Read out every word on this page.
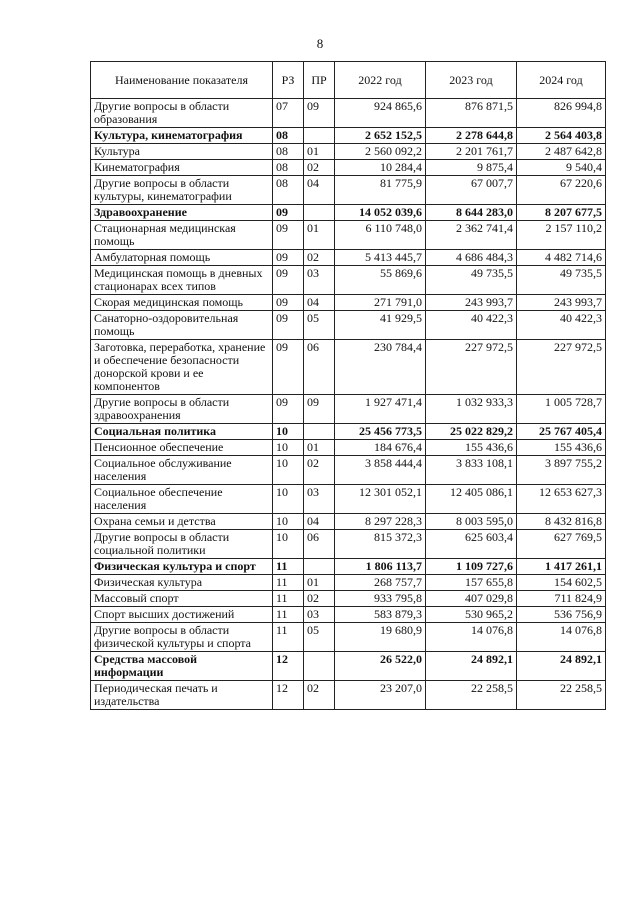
8
Наименование показателя	РЗ	ПР	2022 год	2023 год	2024 год
Другие вопросы в области образования	07	09	924 865,6	876 871,5	826 994,8
Культура, кинематография	08		2 652 152,5	2 278 644,8	2 564 403,8
Культура	08	01	2 560 092,2	2 201 761,7	2 487 642,8
Кинематография	08	02	10 284,4	9 875,4	9 540,4
Другие вопросы в области культуры, кинематографии	08	04	81 775,9	67 007,7	67 220,6
Здравоохранение	09		14 052 039,6	8 644 283,0	8 207 677,5
Стационарная медицинская помощь	09	01	6 110 748,0	2 362 741,4	2 157 110,2
Амбулаторная помощь	09	02	5 413 445,7	4 686 484,3	4 482 714,6
Медицинская помощь в дневных стационарах всех типов	09	03	55 869,6	49 735,5	49 735,5
Скорая медицинская помощь	09	04	271 791,0	243 993,7	243 993,7
Санаторно-оздоровительная помощь	09	05	41 929,5	40 422,3	40 422,3
Заготовка, переработка, хранение и обеспечение безопасности донорской крови и ее компонентов	09	06	230 784,4	227 972,5	227 972,5
Другие вопросы в области здравоохранения	09	09	1 927 471,4	1 032 933,3	1 005 728,7
Социальная политика	10		25 456 773,5	25 022 829,2	25 767 405,4
Пенсионное обеспечение	10	01	184 676,4	155 436,6	155 436,6
Социальное обслуживание населения	10	02	3 858 444,4	3 833 108,1	3 897 755,2
Социальное обеспечение населения	10	03	12 301 052,1	12 405 086,1	12 653 627,3
Охрана семьи и детства	10	04	8 297 228,3	8 003 595,0	8 432 816,8
Другие вопросы в области социальной политики	10	06	815 372,3	625 603,4	627 769,5
Физическая культура и спорт	11		1 806 113,7	1 109 727,6	1 417 261,1
Физическая культура	11	01	268 757,7	157 655,8	154 602,5
Массовый спорт	11	02	933 795,8	407 029,8	711 824,9
Спорт высших достижений	11	03	583 879,3	530 965,2	536 756,9
Другие вопросы в области физической культуры и спорта	11	05	19 680,9	14 076,8	14 076,8
Средства массовой информации	12		26 522,0	24 892,1	24 892,1
Периодическая печать и издательства	12	02	23 207,0	22 258,5	22 258,5
